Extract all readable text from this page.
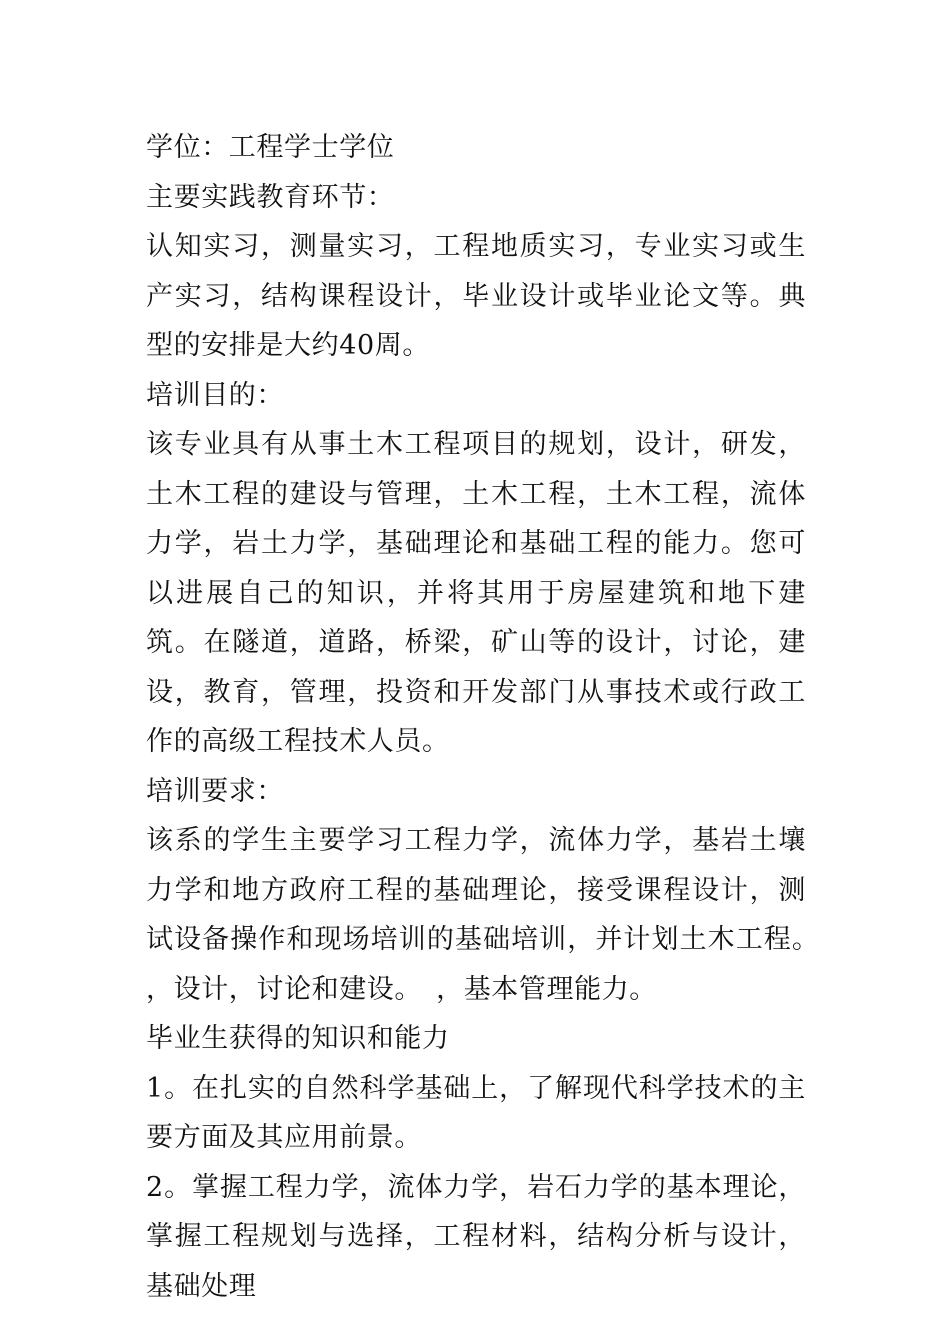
学位：工程学士学位

主要实践教育环节：

认知实习，测量实习，工程地质实习，专业实习或生产实习，结构课程设计，毕业设计或毕业论文等。典型的安排是大约40周。

培训目的：

该专业具有从事土木工程项目的规划，设计，研发，土木工程的建设与管理，土木工程，土木工程，流体力学，岩土力学，基础理论和基础工程的能力。您可以进展自己的知识，并将其用于房屋建筑和地下建筑。在隧道，道路，桥梁，矿山等的设计，讨论，建设，教育，管理，投资和开发部门从事技术或行政工作的高级工程技术人员。

培训要求：

该系的学生主要学习工程力学，流体力学，基岩土壤力学和地方政府工程的基础理论，接受课程设计，测试设备操作和现场培训的基础培训，并计划土木工程。　，设计，讨论和建设。　，基本管理能力。

毕业生获得的知识和能力

1。在扎实的自然科学基础上，了解现代科学技术的主要方面及其应用前景。

2。掌握工程力学，流体力学，岩石力学的基本理论，掌握工程规划与选择，工程材料，结构分析与设计，基础处理
